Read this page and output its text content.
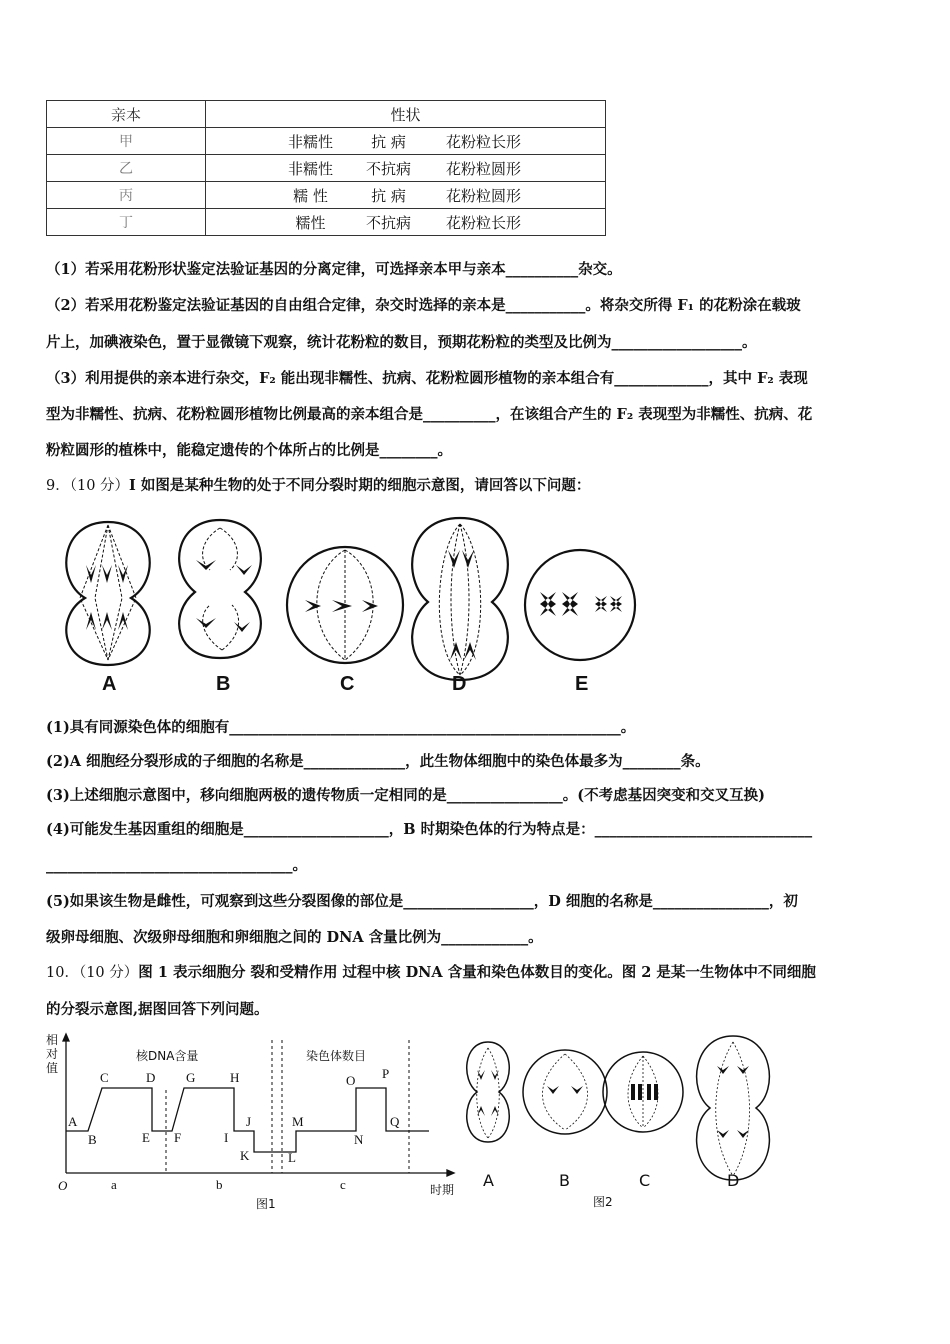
亲本	性状
甲	非糯性 抗 病 花粉粒长形

乙	非糯性 不抗病 花粉粒圆形

丙	糯 性 抗 病 花粉粒圆形

丁	糯性 不抗病 花粉粒长形
（1）若采用花粉形状鉴定法验证基因的分离定律，可选择亲本甲与亲本__________杂交。
（2）若采用花粉鉴定法验证基因的自由组合定律，杂交时选择的亲本是___________。将杂交所得 F₁ 的花粉涂在载玻
片上，加碘液染色，置于显微镜下观察，统计花粉粒的数目，预期花粉粒的类型及比例为__________________。
（3）利用提供的亲本进行杂交，F₂ 能出现非糯性、抗病、花粉粒圆形植物的亲本组合有_____________，其中 F₂ 表现
型为非糯性、抗病、花粉粒圆形植物比例最高的亲本组合是__________，在该组合产生的 F₂ 表现型为非糯性、抗病、花
粉粒圆形的植株中，能稳定遗传的个体所占的比例是________。
9．（10 分）I 如图是某种生物的处于不同分裂时期的细胞示意图，请回答以下问题：
A	B	C	D	E
(1)具有同源染色体的细胞有______________________________________________________。
(2)A 细胞经分裂形成的子细胞的名称是______________，此生物体细胞中的染色体最多为________条。
(3)上述细胞示意图中，移向细胞两极的遗传物质一定相同的是________________。(不考虑基因突变和交叉互换)
(4)可能发生基因重组的细胞是____________________，B 时期染色体的行为特点是：______________________________
__________________________________。
(5)如果该生物是雌性，可观察到这些分裂图像的部位是__________________，D 细胞的名称是________________，初
级卵母细胞、次级卵母细胞和卵细胞之间的 DNA 含量比例为____________。
10．（10 分）图 1 表示细胞分 裂和受精作用 过程中核 DNA 含量和染色体数目的变化。图 2 是某一生物体中不同细胞
的分裂示意图,据图回答下列问题。
相
对
值
核DNA含量	染色体数目
A
B
C	D
E F
G	H
I
J
K	L
M
N
O P
Q
O	a	b	c	时期
图1
A	B	C	D
图2
